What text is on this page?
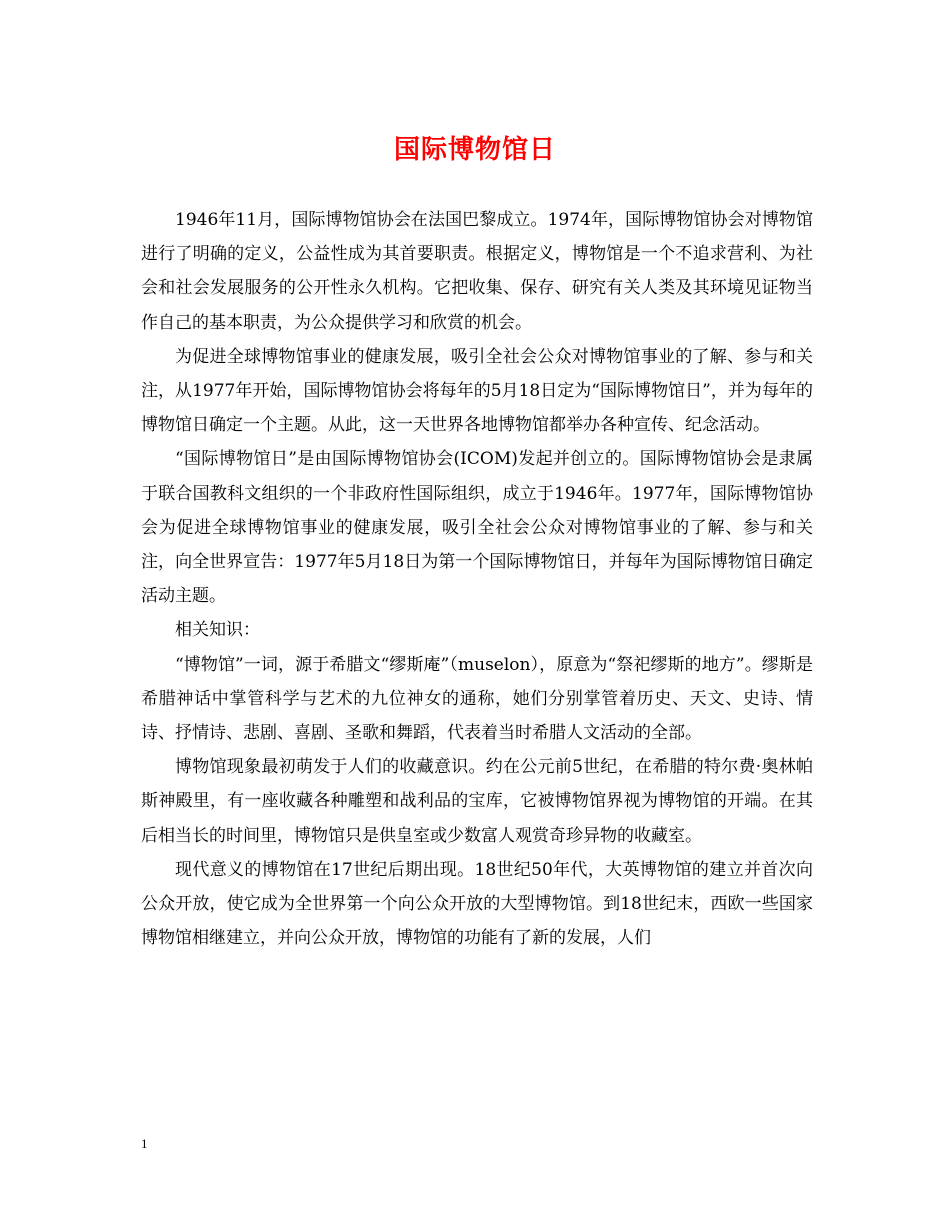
国际博物馆日

1946年11月，国际博物馆协会在法国巴黎成立。1974年，国际博物馆协会对博物馆进行了明确的定义，公益性成为其首要职责。根据定义，博物馆是一个不追求营利、为社会和社会发展服务的公开性永久机构。它把收集、保存、研究有关人类及其环境见证物当作自己的基本职责，为公众提供学习和欣赏的机会。

为促进全球博物馆事业的健康发展，吸引全社会公众对博物馆事业的了解、参与和关注，从1977年开始，国际博物馆协会将每年的5月18日定为“国际博物馆日”，并为每年的博物馆日确定一个主题。从此，这一天世界各地博物馆都举办各种宣传、纪念活动。

“国际博物馆日”是由国际博物馆协会(ICOM)发起并创立的。国际博物馆协会是隶属于联合国教科文组织的一个非政府性国际组织，成立于1946年。1977年，国际博物馆协会为促进全球博物馆事业的健康发展，吸引全社会公众对博物馆事业的了解、参与和关注，向全世界宣告：1977年5月18日为第一个国际博物馆日，并每年为国际博物馆日确定活动主题。

相关知识：

“博物馆”一词，源于希腊文“缪斯庵”（muselon），原意为“祭祀缪斯的地方”。缪斯是希腊神话中掌管科学与艺术的九位神女的通称，她们分别掌管着历史、天文、史诗、情诗、抒情诗、悲剧、喜剧、圣歌和舞蹈，代表着当时希腊人文活动的全部。

博物馆现象最初萌发于人们的收藏意识。约在公元前5世纪，在希腊的特尔费·奥林帕斯神殿里，有一座收藏各种雕塑和战利品的宝库，它被博物馆界视为博物馆的开端。在其后相当长的时间里，博物馆只是供皇室或少数富人观赏奇珍异物的收藏室。

现代意义的博物馆在17世纪后期出现。18世纪50年代，大英博物馆的建立并首次向公众开放，使它成为全世界第一个向公众开放的大型博物馆。到18世纪末，西欧一些国家博物馆相继建立，并向公众开放，博物馆的功能有了新的发展，人们

1
